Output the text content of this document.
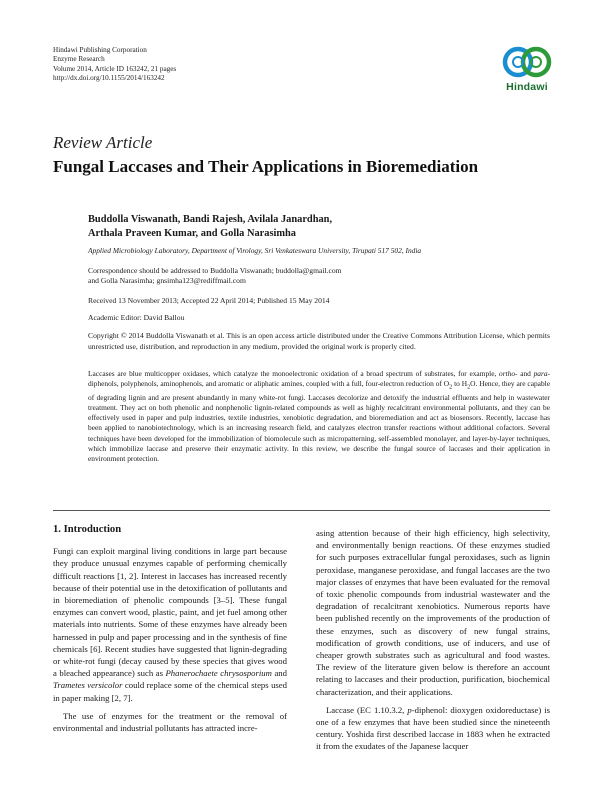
Hindawi Publishing Corporation
Enzyme Research
Volume 2014, Article ID 163242, 21 pages
http://dx.doi.org/10.1155/2014/163242
Hindawi
Review Article
Fungal Laccases and Their Applications in Bioremediation
Buddolla Viswanath, Bandi Rajesh, Avilala Janardhan,
Arthala Praveen Kumar, and Golla Narasimha
Applied Microbiology Laboratory, Department of Virology, Sri Venkateswara University, Tirupati 517 502, India
Correspondence should be addressed to Buddolla Viswanath; buddolla@gmail.com
and Golla Narasimha; gnsimha123@rediffmail.com
Received 13 November 2013; Accepted 22 April 2014; Published 15 May 2014
Academic Editor: David Ballou
Copyright © 2014 Buddolla Viswanath et al. This is an open access article distributed under the Creative Commons Attribution License, which permits unrestricted use, distribution, and reproduction in any medium, provided the original work is properly cited.
Laccases are blue multicopper oxidases, which catalyze the monoelectronic oxidation of a broad spectrum of substrates, for example, ortho- and para-diphenols, polyphenols, aminophenols, and aromatic or aliphatic amines, coupled with a full, four-electron reduction of $O_2$ to $H_2O$. Hence, they are capable of degrading lignin and are present abundantly in many white-rot fungi. Laccases decolorize and detoxify the industrial effluents and help in wastewater treatment. They act on both phenolic and nonphenolic lignin-related compounds as well as highly recalcitrant environmental pollutants, and they can be effectively used in paper and pulp industries, textile industries, xenobiotic degradation, and bioremediation and act as biosensors. Recently, laccase has been applied to nanobiotechnology, which is an increasing research field, and catalyzes electron transfer reactions without additional cofactors. Several techniques have been developed for the immobilization of biomolecule such as micropatterning, self-assembled monolayer, and layer-by-layer techniques, which immobilize laccase and preserve their enzymatic activity. In this review, we describe the fungal source of laccases and their application in environment protection.
1. Introduction

Fungi can exploit marginal living conditions in large part because they produce unusual enzymes capable of performing chemically difficult reactions [1, 2]. Interest in laccases has increased recently because of their potential use in the detoxification of pollutants and in bioremediation of phenolic compounds [3–5]. These fungal enzymes can convert wood, plastic, paint, and jet fuel among other materials into nutrients. Some of these enzymes have already been harnessed in pulp and paper processing and in the synthesis of fine chemicals [6]. Recent studies have suggested that lignin-degrading or white-rot fungi (decay caused by these species that gives wood a bleached appearance) such as Phanerochaete chrysosporium and Trametes versicolor could replace some of the chemical steps used in paper making [2, 7].

The use of enzymes for the treatment or the removal of environmental and industrial pollutants has attracted incre-

asing attention because of their high efficiency, high selectivity, and environmentally benign reactions. Of these enzymes studied for such purposes extracellular fungal peroxidases, such as lignin peroxidase, manganese peroxidase, and fungal laccases are the two major classes of enzymes that have been evaluated for the removal of toxic phenolic compounds from industrial wastewater and the degradation of recalcitrant xenobiotics. Numerous reports have been published recently on the improvements of the production of these enzymes, such as discovery of new fungal strains, modification of growth conditions, use of inducers, and use of cheaper growth substrates such as agricultural and food wastes. The review of the literature given below is therefore an account relating to laccases and their production, purification, biochemical characterization, and their applications.

Laccase (EC 1.10.3.2, p-diphenol: dioxygen oxidoreductase) is one of a few enzymes that have been studied since the nineteenth century. Yoshida first described laccase in 1883 when he extracted it from the exudates of the Japanese lacquer
